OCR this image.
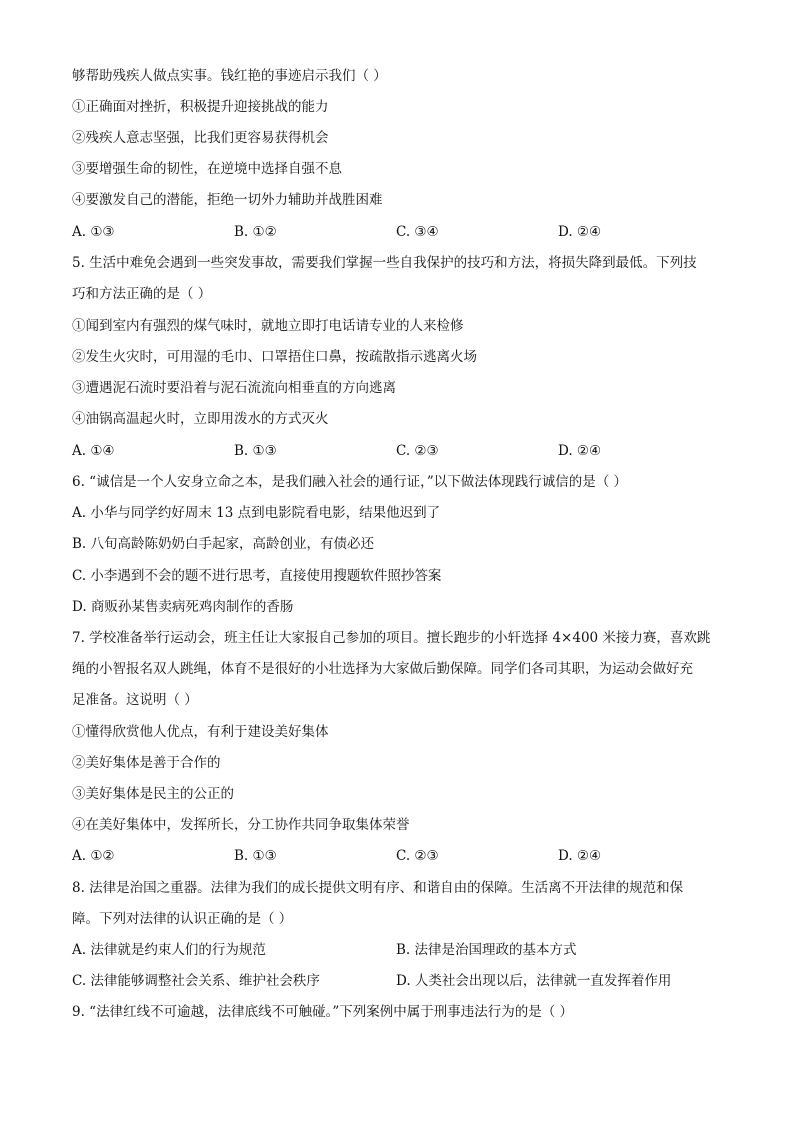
够帮助残疾人做点实事。钱红艳的事迹启示我们（ ）
①正确面对挫折，积极提升迎接挑战的能力
②残疾人意志坚强，比我们更容易获得机会
③要增强生命的韧性，在逆境中选择自强不息
④要激发自己的潜能，拒绝一切外力辅助并战胜困难
A. ①③	B. ①②	C. ③④	D. ②④
5. 生活中难免会遇到一些突发事故，需要我们掌握一些自我保护的技巧和方法，将损失降到最低。下列技
巧和方法正确的是（ ）
①闻到室内有强烈的煤气味时，就地立即打电话请专业的人来检修
②发生火灾时，可用湿的毛巾、口罩捂住口鼻，按疏散指示逃离火场
③遭遇泥石流时要沿着与泥石流流向相垂直的方向逃离
④油锅高温起火时，立即用泼水的方式灭火
A. ①④	B. ①③	C. ②③	D. ②④
6. “诚信是一个人安身立命之本，是我们融入社会的通行证，”以下做法体现践行诚信的是（ ）
A. 小华与同学约好周末 13 点到电影院看电影，结果他迟到了
B. 八旬高龄陈奶奶白手起家，高龄创业，有债必还
C. 小李遇到不会的题不进行思考，直接使用搜题软件照抄答案
D. 商贩孙某售卖病死鸡肉制作的香肠
7. 学校准备举行运动会，班主任让大家报自己参加的项目。擅长跑步的小轩选择 4×400 米接力赛，喜欢跳
绳的小智报名双人跳绳，体育不是很好的小壮选择为大家做后勤保障。同学们各司其职，为运动会做好充
足准备。这说明（ ）
①懂得欣赏他人优点，有利于建设美好集体
②美好集体是善于合作的
③美好集体是民主的公正的
④在美好集体中，发挥所长，分工协作共同争取集体荣誉
A. ①②	B. ①③	C. ②③	D. ②④
8. 法律是治国之重器。法律为我们的成长提供文明有序、和谐自由的保障。生活离不开法律的规范和保
障。下列对法律的认识正确的是（ ）
A. 法律就是约束人们的行为规范	B. 法律是治国理政的基本方式
C. 法律能够调整社会关系、维护社会秩序	D. 人类社会出现以后，法律就一直发挥着作用
9. “法律红线不可逾越，法律底线不可触碰。”下列案例中属于刑事违法行为的是（ ）
